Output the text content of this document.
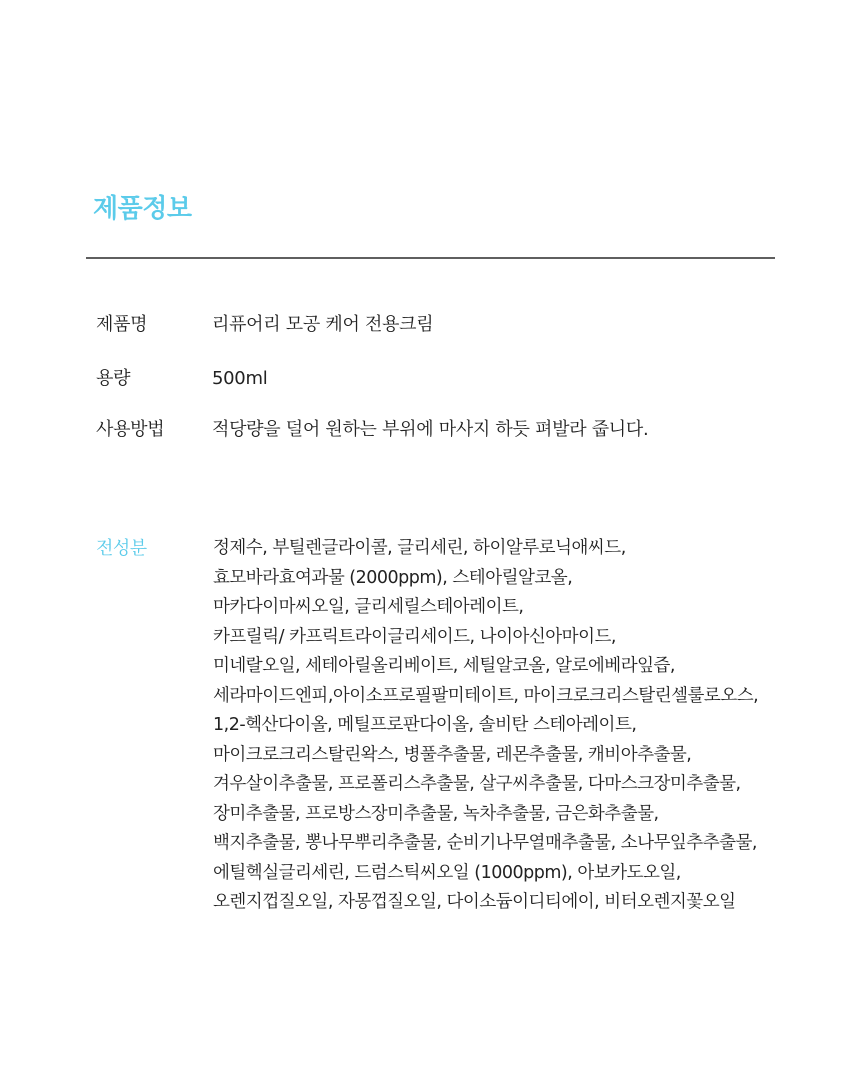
제품정보
제품명	리퓨어리 모공 케어 전용크림
용량	500ml
사용방법	적당량을 덜어 원하는 부위에 마사지 하듯 펴발라 줍니다.
전성분	정제수, 부틸렌글라이콜, 글리세린, 하이알루로닉애씨드,
효모바라효여과물 (2000ppm), 스테아릴알코올,
마카다이마씨오일, 글리세릴스테아레이트,
카프릴릭/ 카프릭트라이글리세이드, 나이아신아마이드,
미네랄오일, 세테아릴올리베이트, 세틸알코올, 알로에베라잎즙,
세라마이드엔피,아이소프로필팔미테이트, 마이크로크리스탈린셀룰로오스,
1,2-헥산다이올, 메틸프로판다이올, 솔비탄 스테아레이트,
마이크로크리스탈린왁스, 병풀추출물, 레몬추출물, 캐비아추출물,
겨우살이추출물, 프로폴리스추출물, 살구씨추출물, 다마스크장미추출물,
장미추출물, 프로방스장미추출물, 녹차추출물, 금은화추출물,
백지추출물, 뽕나무뿌리추출물, 순비기나무열매추출물, 소나무잎추추출물,
에틸헥실글리세린, 드럼스틱씨오일 (1000ppm), 아보카도오일,
오렌지껍질오일, 자몽껍질오일, 다이소듐이디티에이, 비터오렌지꽃오일
